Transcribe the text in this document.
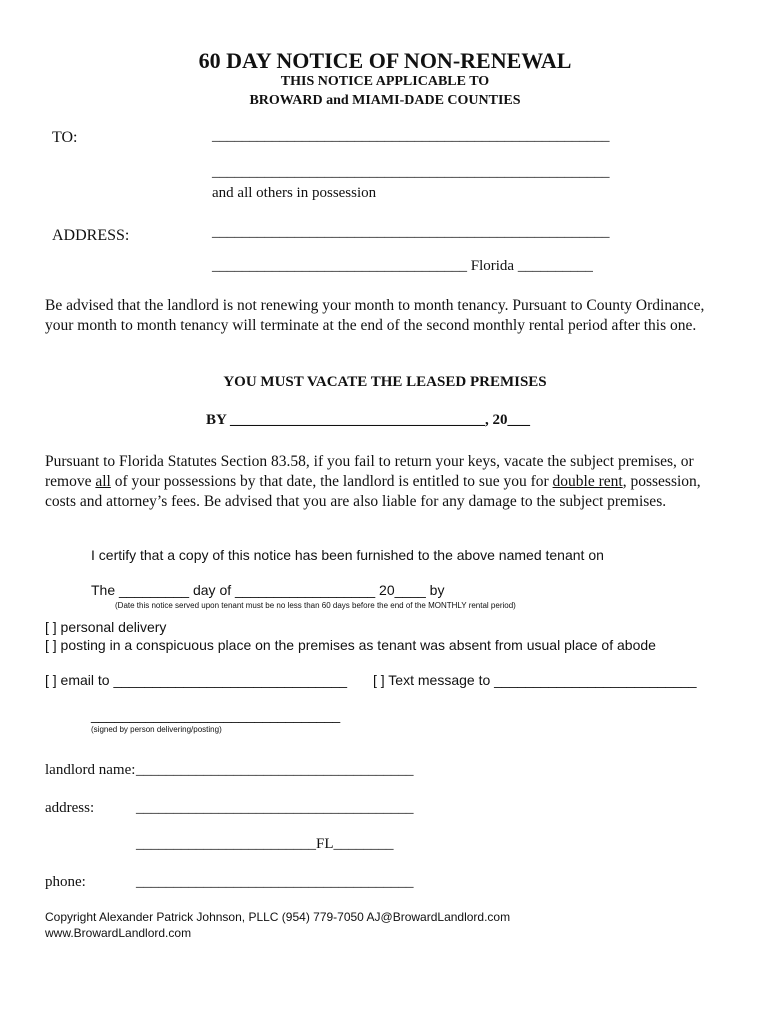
60 DAY NOTICE OF NON-RENEWAL
THIS NOTICE APPLICABLE TO
BROWARD and MIAMI-DADE COUNTIES
TO:	_____________________________________________________
_____________________________________________________
and all others in possession
ADDRESS:	_____________________________________________________
__________________________________ Florida __________
Be advised that the landlord is not renewing your month to month tenancy. Pursuant to County Ordinance, your month to month tenancy will terminate at the end of the second monthly rental period after this one.
YOU MUST VACATE THE LEASED PREMISES
BY __________________________________, 20___
Pursuant to Florida Statutes Section 83.58, if you fail to return your keys, vacate the subject premises, or remove all of your possessions by that date, the landlord is entitled to sue you for double rent, possession, costs and attorney’s fees. Be advised that you are also liable for any damage to the subject premises.
I certify that a copy of this notice has been furnished to the above named tenant on
The _________ day of __________________ 20____ by
(Date this notice served upon tenant must be no less than 60 days before the end of the MONTHLY rental period)
[ ] personal delivery
[ ] posting in a conspicuous place on the premises as tenant was absent from usual place of abode
[ ] email to ______________________________ [ ] Text message to __________________________
________________________________
(signed by person delivering/posting)
landlord name: _____________________________________
address:	_____________________________________
________________________FL________
phone:	_____________________________________
Copyright Alexander Patrick Johnson, PLLC (954) 779-7050 AJ@BrowardLandlord.com
www.BrowardLandlord.com
